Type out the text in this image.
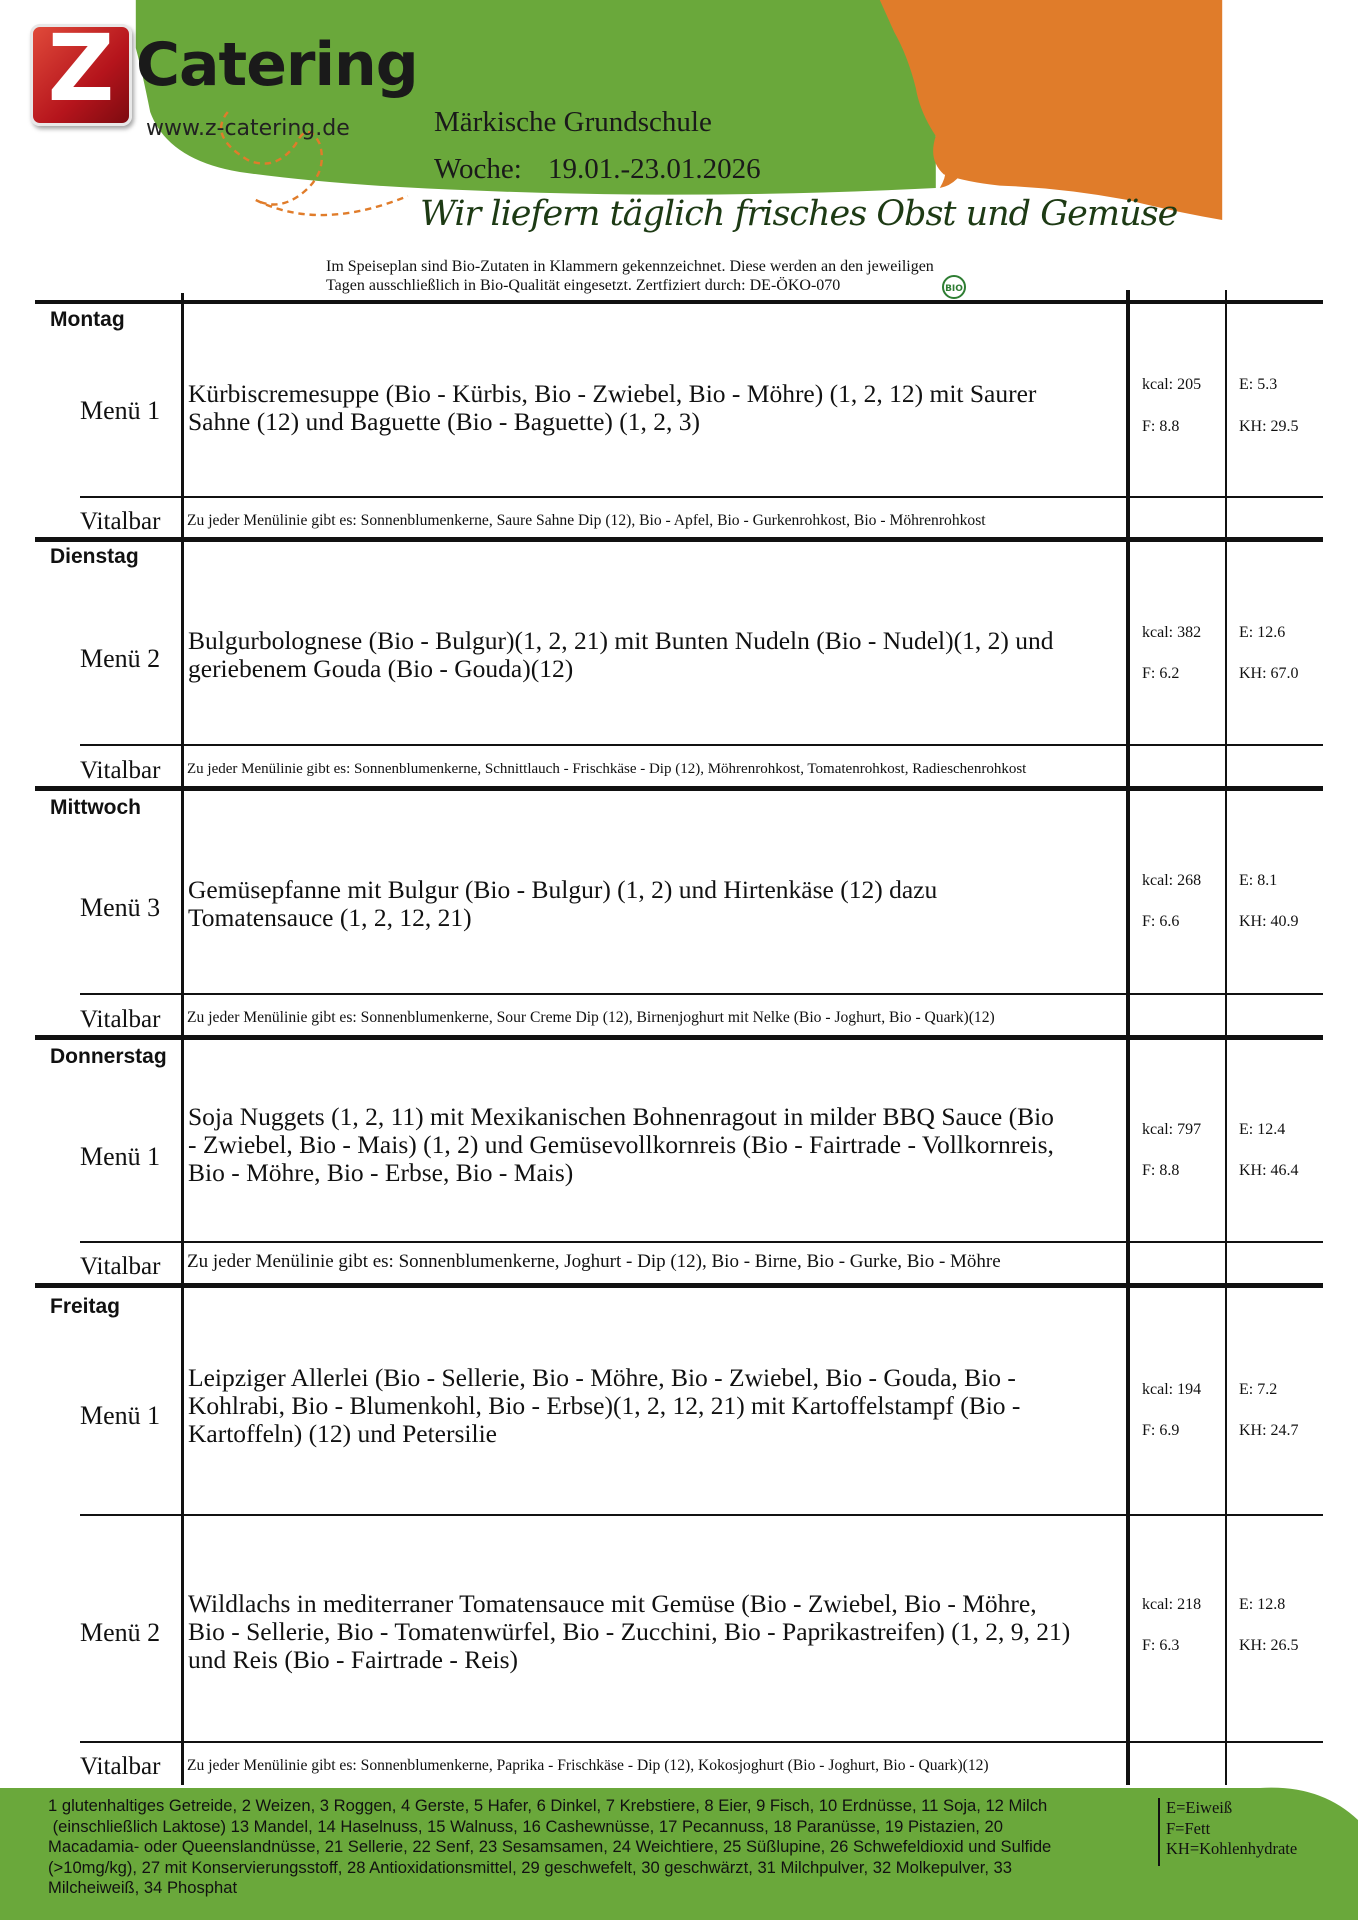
Z Catering
www.z-catering.de	Märkische Grundschule
Woche: 19.01.-23.01.2026
Wir liefern täglich frisches Obst und Gemüse
Im Speiseplan sind Bio-Zutaten in Klammern gekennzeichnet. Diese werden an den jeweiligen
Tagen ausschließlich in Bio-Qualität eingesetzt. Zertfiziert durch: DE-ÖKO-070	BIO
Montag
Menü 1
Kürbiscremesuppe (Bio - Kürbis, Bio - Zwiebel, Bio - Möhre) (1, 2, 12) mit Saurer
Sahne (12) und Baguette (Bio - Baguette) (1, 2, 3)
kcal: 205
F: 8.8
E: 5.3
KH: 29.5
Vitalbar Zu jeder Menülinie gibt es: Sonnenblumenkerne, Saure Sahne Dip (12), Bio - Apfel, Bio - Gurkenrohkost, Bio - Möhrenrohkost
Dienstag
Menü 2
Bulgurbolognese (Bio - Bulgur)(1, 2, 21) mit Bunten Nudeln (Bio - Nudel)(1, 2) und
geriebenem Gouda (Bio - Gouda)(12)
kcal: 382
F: 6.2
E: 12.6
KH: 67.0
Vitalbar Zu jeder Menülinie gibt es: Sonnenblumenkerne, Schnittlauch - Frischkäse - Dip (12), Möhrenrohkost, Tomatenrohkost, Radieschenrohkost
Mittwoch
Menü 3
Gemüsepfanne mit Bulgur (Bio - Bulgur) (1, 2) und Hirtenkäse (12) dazu
Tomatensauce (1, 2, 12, 21)
kcal: 268
F: 6.6
E: 8.1
KH: 40.9
Vitalbar Zu jeder Menülinie gibt es: Sonnenblumenkerne, Sour Creme Dip (12), Birnenjoghurt mit Nelke (Bio - Joghurt, Bio - Quark)(12)
Donnerstag
Menü 1
Soja Nuggets (1, 2, 11) mit Mexikanischen Bohnenragout in milder BBQ Sauce (Bio
- Zwiebel, Bio - Mais) (1, 2) und Gemüsevollkornreis (Bio - Fairtrade - Vollkornreis,
Bio - Möhre, Bio - Erbse, Bio - Mais)
kcal: 797
F: 8.8
E: 12.4
KH: 46.4
Vitalbar Zu jeder Menülinie gibt es: Sonnenblumenkerne, Joghurt - Dip (12), Bio - Birne, Bio - Gurke, Bio - Möhre
Freitag
Menü 1
Leipziger Allerlei (Bio - Sellerie, Bio - Möhre, Bio - Zwiebel, Bio - Gouda, Bio -
Kohlrabi, Bio - Blumenkohl, Bio - Erbse)(1, 2, 12, 21) mit Kartoffelstampf (Bio -
Kartoffeln) (12) und Petersilie
kcal: 194
F: 6.9
E: 7.2
KH: 24.7
Menü 2
Wildlachs in mediterraner Tomatensauce mit Gemüse (Bio - Zwiebel, Bio - Möhre,
Bio - Sellerie, Bio - Tomatenwürfel, Bio - Zucchini, Bio - Paprikastreifen) (1, 2, 9, 21)
und Reis (Bio - Fairtrade - Reis)
kcal: 218
F: 6.3
E: 12.8
KH: 26.5
Vitalbar Zu jeder Menülinie gibt es: Sonnenblumenkerne, Paprika - Frischkäse - Dip (12), Kokosjoghurt (Bio - Joghurt, Bio - Quark)(12)
1 glutenhaltiges Getreide, 2 Weizen, 3 Roggen, 4 Gerste, 5 Hafer, 6 Dinkel, 7 Krebstiere, 8 Eier, 9 Fisch, 10 Erdnüsse, 11 Soja, 12 Milch
(einschließlich Laktose) 13 Mandel, 14 Haselnuss, 15 Walnuss, 16 Cashewnüsse, 17 Pecannuss, 18 Paranüsse, 19 Pistazien, 20
Macadamia- oder Queenslandnüsse, 21 Sellerie, 22 Senf, 23 Sesamsamen, 24 Weichtiere, 25 Süßlupine, 26 Schwefeldioxid und Sulfide
(>10mg/kg), 27 mit Konservierungsstoff, 28 Antioxidationsmittel, 29 geschwefelt, 30 geschwärzt, 31 Milchpulver, 32 Molkepulver, 33
Milcheiweiß, 34 Phosphat
E=Eiweiß
F=Fett
KH=Kohlenhydrate
